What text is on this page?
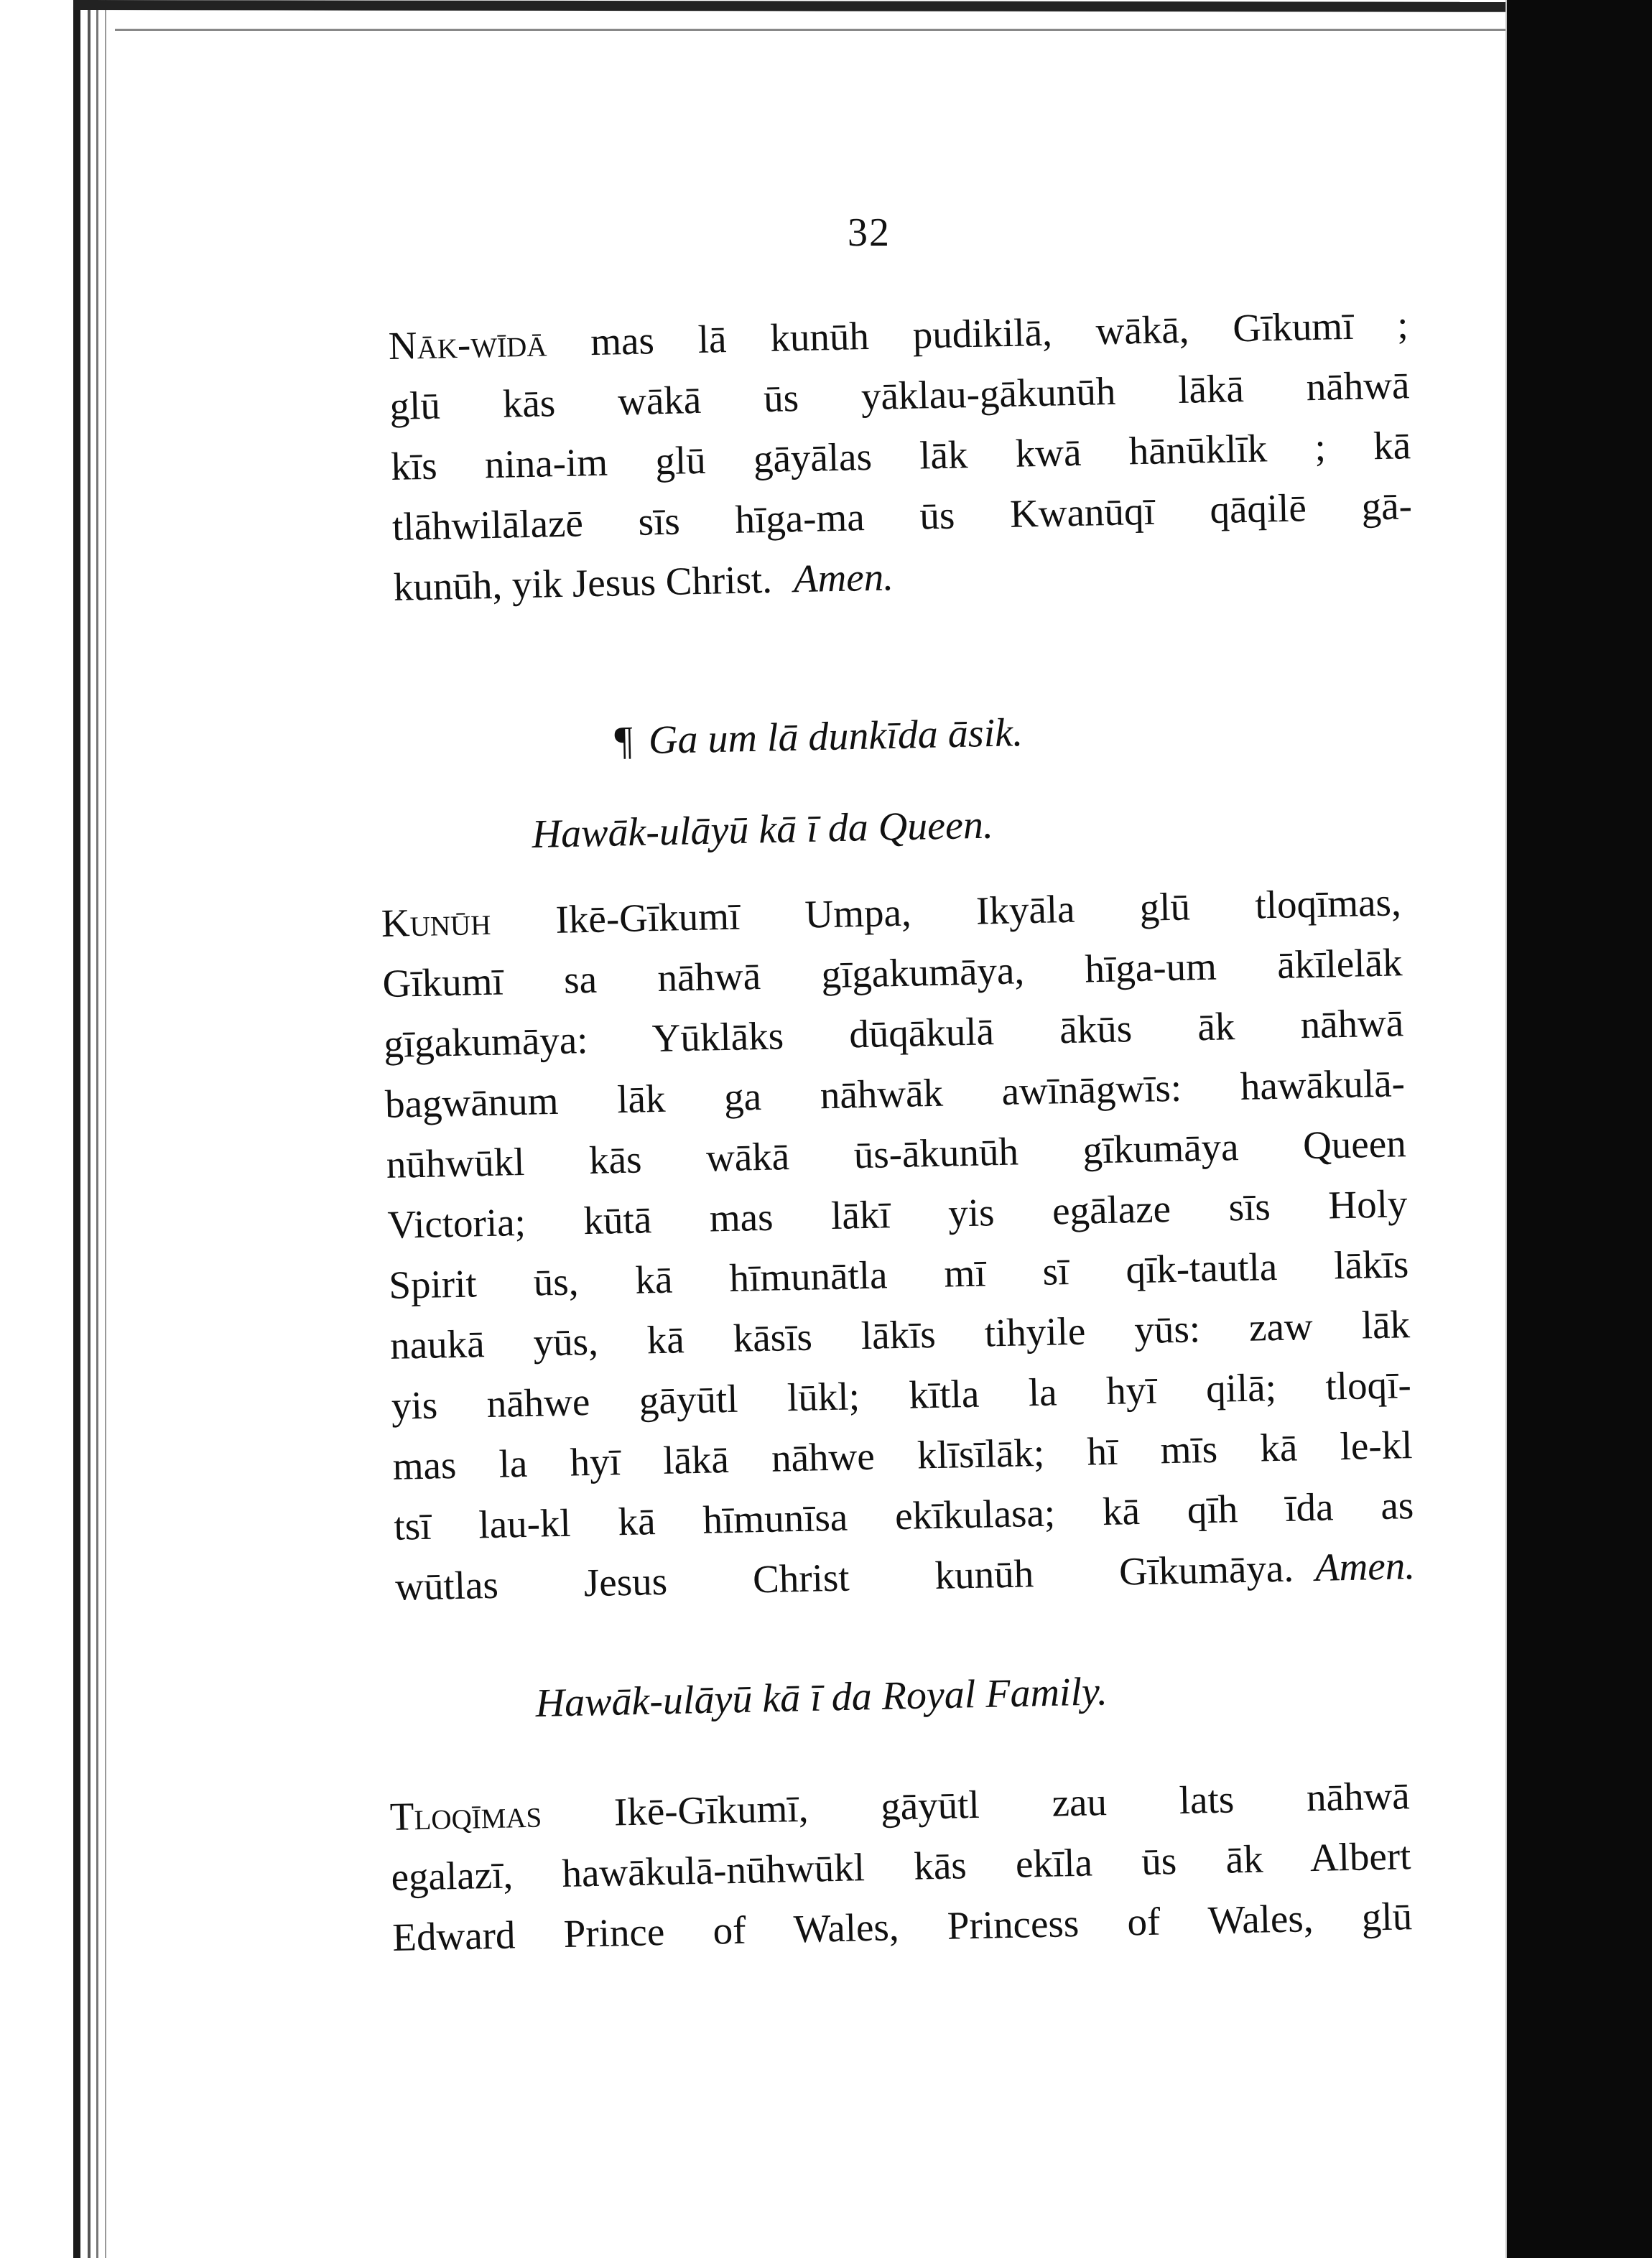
32
Nāk-wīdā mas lā kunūh pudikilā, wākā, Gīkumī ;
glū kās wākā ūs yāklau-gākunūh lākā nāhwā
kīs nina-im glū gāyālas lāk kwā hānūklīk ; kā
tlāhwilālazē sīs hīga-ma ūs Kwanūqī qāqilē gā-
kunūh, yik Jesus Christ. Amen.
¶ Ga um lā dunkīda āsik.
Hawāk-ulāyū kā ī da Queen.
Kunūh Ikē-Gīkumī Umpa, Ikyāla glū tloqīmas,
Gīkumī sa nāhwā gīgakumāya, hīga-um ākīlelāk
gīgakumāya: Yūklāks dūqākulā ākūs āk nāhwā
bagwānum lāk ga nāhwāk awīnāgwīs: hawākulā-
nūhwūkl kās wākā ūs-ākunūh gīkumāya Queen
Victoria; kūtā mas lākī yis egālaze sīs Holy
Spirit ūs, kā hīmunātla mī sī qīk-tautla lākīs
naukā yūs, kā kāsīs lākīs tihyile yūs: zaw lāk
yis nāhwe gāyūtl lūkl; kītla la hyī qilā; tloqī-
mas la hyī lākā nāhwe klīsīlāk; hī mīs kā le-kl
tsī lau-kl kā hīmunīsa ekīkulasa; kā qīh īda as
wūtlas Jesus Christ kunūh Gīkumāya. Amen.
Hawāk-ulāyū kā ī da Royal Family.
Tloqīmas Ikē-Gīkumī, gāyūtl zau lats nāhwā
egalazī, hawākulā-nūhwūkl kās ekīla ūs āk Albert
Edward Prince of Wales, Princess of Wales, glū
